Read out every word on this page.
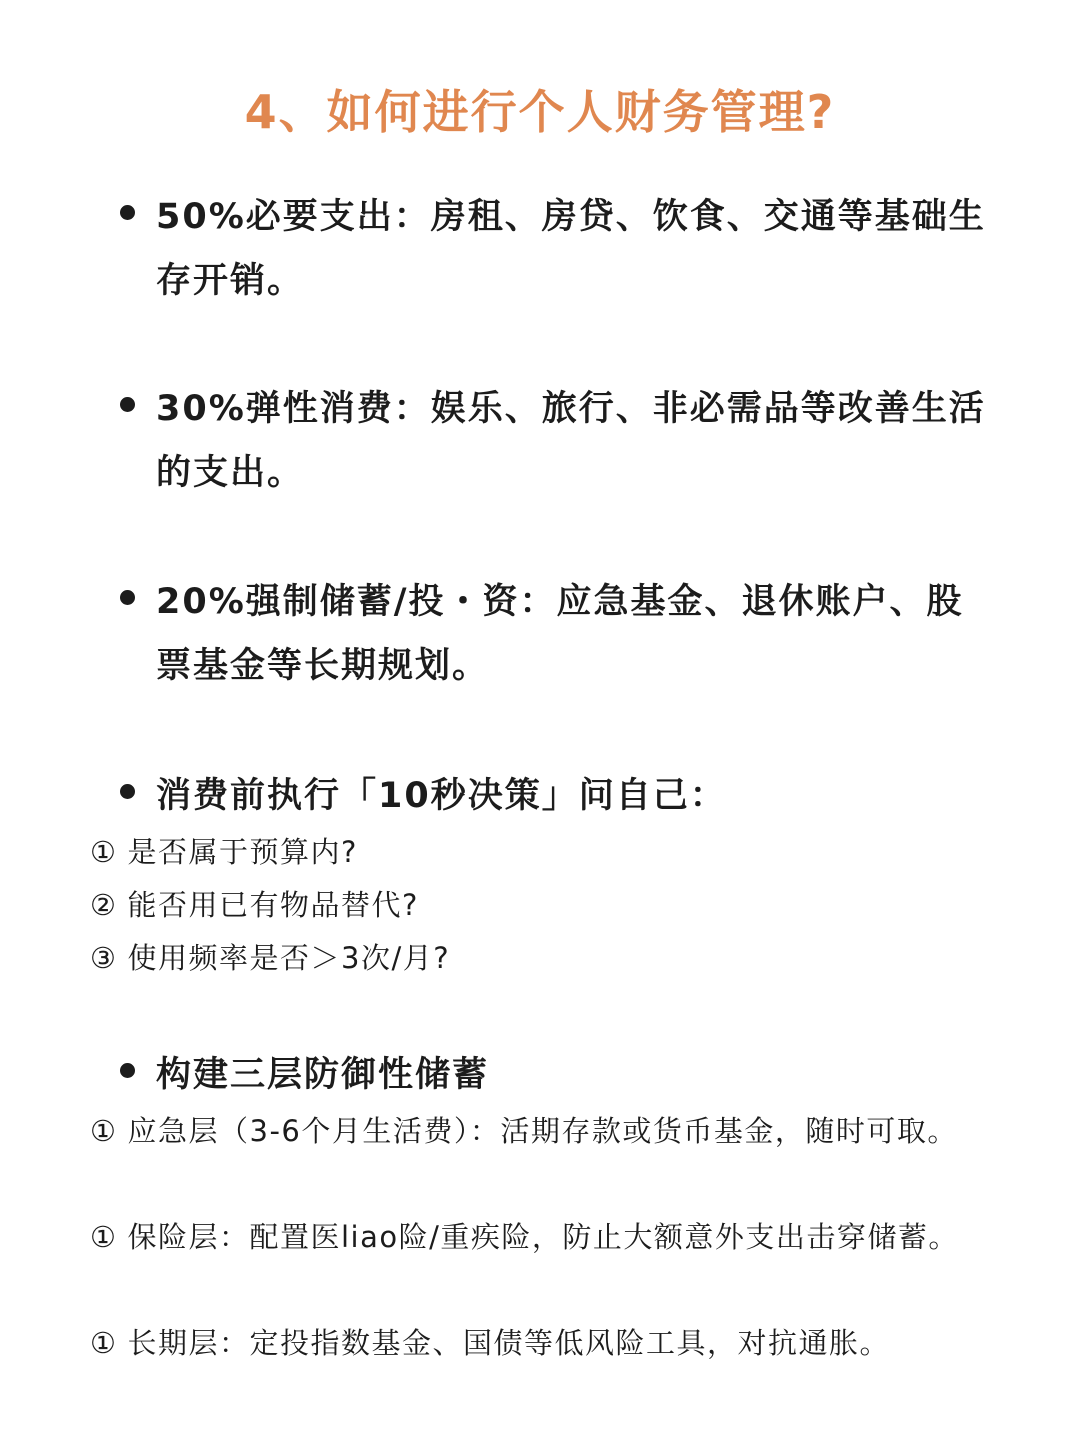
4、如何进行个人财务管理?
50%必要支出：房租、房贷、饮食、交通等基础生存开销。
30%弹性消费：娱乐、旅行、非必需品等改善生活的支出。
20%强制储蓄/投・资：应急基金、退休账户、股票基金等长期规划。
消费前执行「10秒决策」问自己：
① 是否属于预算内?
② 能否用已有物品替代?
③ 使用频率是否＞3次/月?
构建三层防御性储蓄
① 应急层（3-6个月生活费）：活期存款或货币基金，随时可取。
① 保险层：配置医liao险/重疾险，防止大额意外支出击穿储蓄。
① 长期层：定投指数基金、国债等低风险工具，对抗通胀。
